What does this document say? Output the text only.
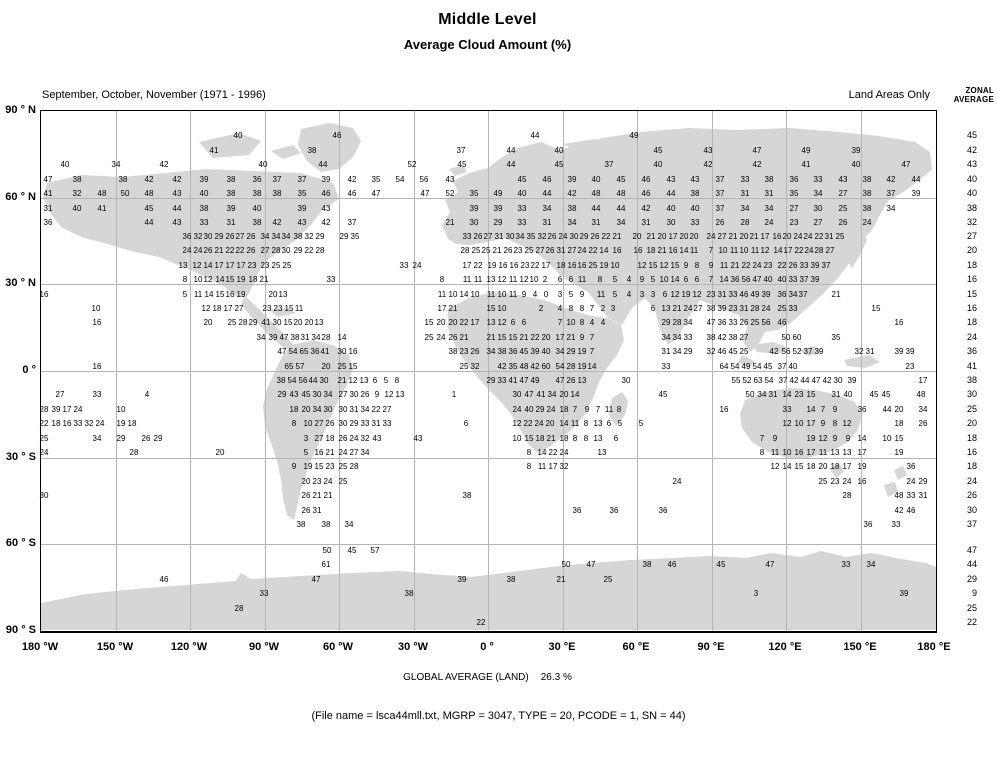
Middle Level
Average Cloud Amount (%)
September, October, November (1971 - 1996)	Land Areas Only	ZONAL
AVERAGE
40	46	44	49
41	38	37	44	40	45	43	47	49	39
40	34	42	40	44	52	45	44	45	37	40	42	42	41	40	47
47	38	38 42 42 39 38 36 37 37 39 42 35 54 56 43	45 46 39 40 45 46 43 43 37 33 38 36 33 43 38 42 44
41	32 48 50 48 43 40 38 38 38 35 46 46 47	47 52 35 49 40 44 42 48 48 46 44 38 37 31 31 35 34 27 38 37 39
31	40 41	45 44 38 39 40	39 43	39 39 33 34 38 44 44 42 40 40 37 34 34 27 30 25 38 34
36	44 43 33 31 38 42 43 42 37	21 30 29 33 31 34 31 34 31 30 33 26 28 24 23 27 26 24
36 32 30 29 26 27 26 34 34 34 38 32 29 29 35	33 26 27 31 30 34 35 32 26 24 30 29 26 22 21 20 21 20 17 20 20 24 27 21 20 21 17 16 20 24 24 22 31 25
24 24 26 21 22 22 26 27 28 30 29 22 28	28 25 25 21 26 23 25 27 26 31 27 24 22 14 16 16 18 21 16 14 11 7 10 11 10 11 12 14 17 22 24 28 27
13 12 14 17 17 17 23 23 25 25	33 24	17 22 19 16 16 23 22 17 18 16 16 25 19 10 12 15 12 15 9 8 9 11 21 22 24 23 22 26 33 39 37
8 10 12 14 15 19 18 21	33	8 11 11 13 12 11 12 10 2 6 6 11 8 5 4 9 5 10 14 6 6 7 14 36 56 47 40 40 33 37 39
16	5 11 14 15 16 19	20 13	11 10 14 10 11 10 11 9 4 0 3 5 9 11 5 4 3 3 6 12 19 12 23 31 33 46 49 39 36 34 37	21
10	12 18 17 27 23 23 15 11	17 21	15 10	2 4 8 8 7 2 3	6 13 21 24 27 38 39 23 31 28 24 25 33	15
16	20 25 28 29 41 30 15 20 20 13	15 20 20 22 17 13 12 6 6	7 10 8 4 4	29 28 34 47 36 33 26 25 56 46	16
34 39 47 38 31 34 28 14	25 24 26 21 21 15 15 21 22 20 17 21 9 7	34 34 33 38 42 38 27	50 60	35
47 54 65 36 41 30 16	38 23 26 34 38 36 45 39 40 34 29 19 7	31 34 29 32 46 45 25	42 56 52 37 39	32 31	39 39
16	65 57 20 25 15	25 32 42 35 48 42 60 54 28 19 14	33	64 54 49 54 45 37 40	23
38 54 56 44 30 21 12 13 6 5 8	29 33 41 47 49 47 26 13	30	55 52 63 54 37 42 44 47 42 30 39	17
27	33	4	29 43 45 30 34 27 30 26 9 12 13	1	30 47 41 34 20 14	45	50 34 31 14 23 15 31 40 45 45	48
28 39 17 24	10	18 20 34 30 30 31 34 22 27	24 40 29 24 18 7 9 7 11 8	16	33 14 7 9	36 44 20 34
22 18 16 33 32 24 19 18	8 10 27 26 30 29 33 31 33	6	12 22 24 20 14 11 8 13 6 5 5	12 10 17 9 8 12	18 26
25	34 29 26 29	3 27 18 26 24 32 43	43	10 15 18 21 18 8 8 13 6	7 9	19 12 9 9 14 10 15
24	28	20	5 16 21 24 27 34	8 14 22 24	13	8 11 10 16 17 11 13 13 17	19
9 19 15 23 25 28	8 11 17 32	12 14 15 18 20 18 17 19	36
20 23 24 25	24	25 23 24 16	24 29
30	26 21 21	38	28	48 33 31
26 31	36	36	36	42 46
38 38 34	36 33
50 45 57
61	50 47	38 46	45	47	33 34
46	47	39	38	21	25
33	38	3	39
28
22
GLOBAL AVERAGE (LAND) 26.3 %
(File name = lsca44mll.txt, MGRP = 3047, TYPE = 20, PCODE = 1, SN = 44)
180 °W	150 °W	120 °W	90 °W	60 °W	30 °W	0 °	30 °E	60 °E	90 °E	120 °E	150 °E	180 °E
90 ° N
60 ° N
30 ° N
0 °
30 ° S
60 ° S
90 ° S
45
42
43
40
40
38
32
27
20
18
16
15
16
18
24
36
41
38
30
25
20
18
16
18
24
26
30
37
47
44
29
9
25
22
